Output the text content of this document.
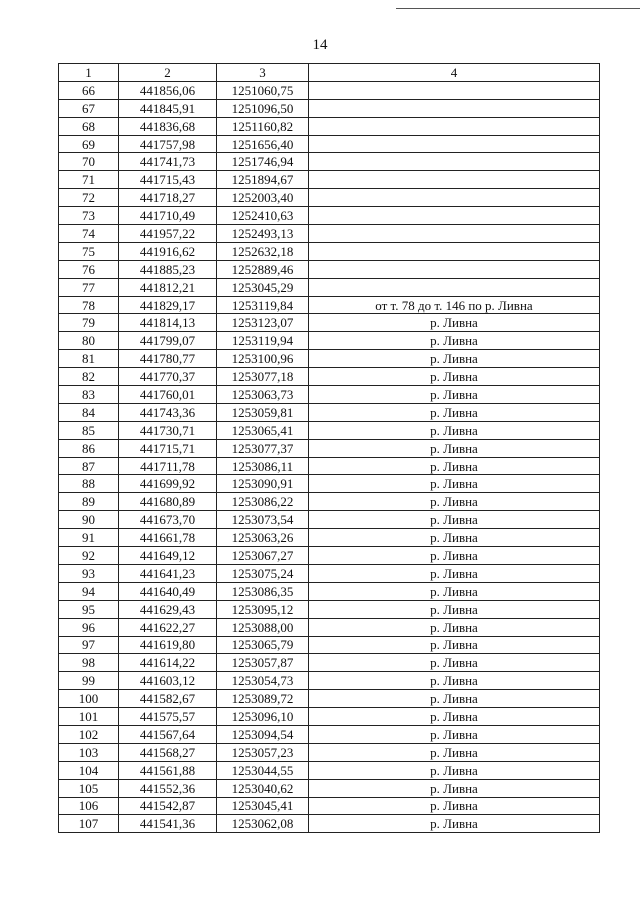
14
1	2	3	4
66	441856,06	1251060,75	
67	441845,91	1251096,50	
68	441836,68	1251160,82	
69	441757,98	1251656,40	
70	441741,73	1251746,94	
71	441715,43	1251894,67	
72	441718,27	1252003,40	
73	441710,49	1252410,63	
74	441957,22	1252493,13	
75	441916,62	1252632,18	
76	441885,23	1252889,46	
77	441812,21	1253045,29	
78	441829,17	1253119,84	от т. 78 до т. 146 по р. Ливна
79	441814,13	1253123,07	р. Ливна
80	441799,07	1253119,94	р. Ливна
81	441780,77	1253100,96	р. Ливна
82	441770,37	1253077,18	р. Ливна
83	441760,01	1253063,73	р. Ливна
84	441743,36	1253059,81	р. Ливна
85	441730,71	1253065,41	р. Ливна
86	441715,71	1253077,37	р. Ливна
87	441711,78	1253086,11	р. Ливна
88	441699,92	1253090,91	р. Ливна
89	441680,89	1253086,22	р. Ливна
90	441673,70	1253073,54	р. Ливна
91	441661,78	1253063,26	р. Ливна
92	441649,12	1253067,27	р. Ливна
93	441641,23	1253075,24	р. Ливна
94	441640,49	1253086,35	р. Ливна
95	441629,43	1253095,12	р. Ливна
96	441622,27	1253088,00	р. Ливна
97	441619,80	1253065,79	р. Ливна
98	441614,22	1253057,87	р. Ливна
99	441603,12	1253054,73	р. Ливна
100	441582,67	1253089,72	р. Ливна
101	441575,57	1253096,10	р. Ливна
102	441567,64	1253094,54	р. Ливна
103	441568,27	1253057,23	р. Ливна
104	441561,88	1253044,55	р. Ливна
105	441552,36	1253040,62	р. Ливна
106	441542,87	1253045,41	р. Ливна
107	441541,36	1253062,08	р. Ливна
